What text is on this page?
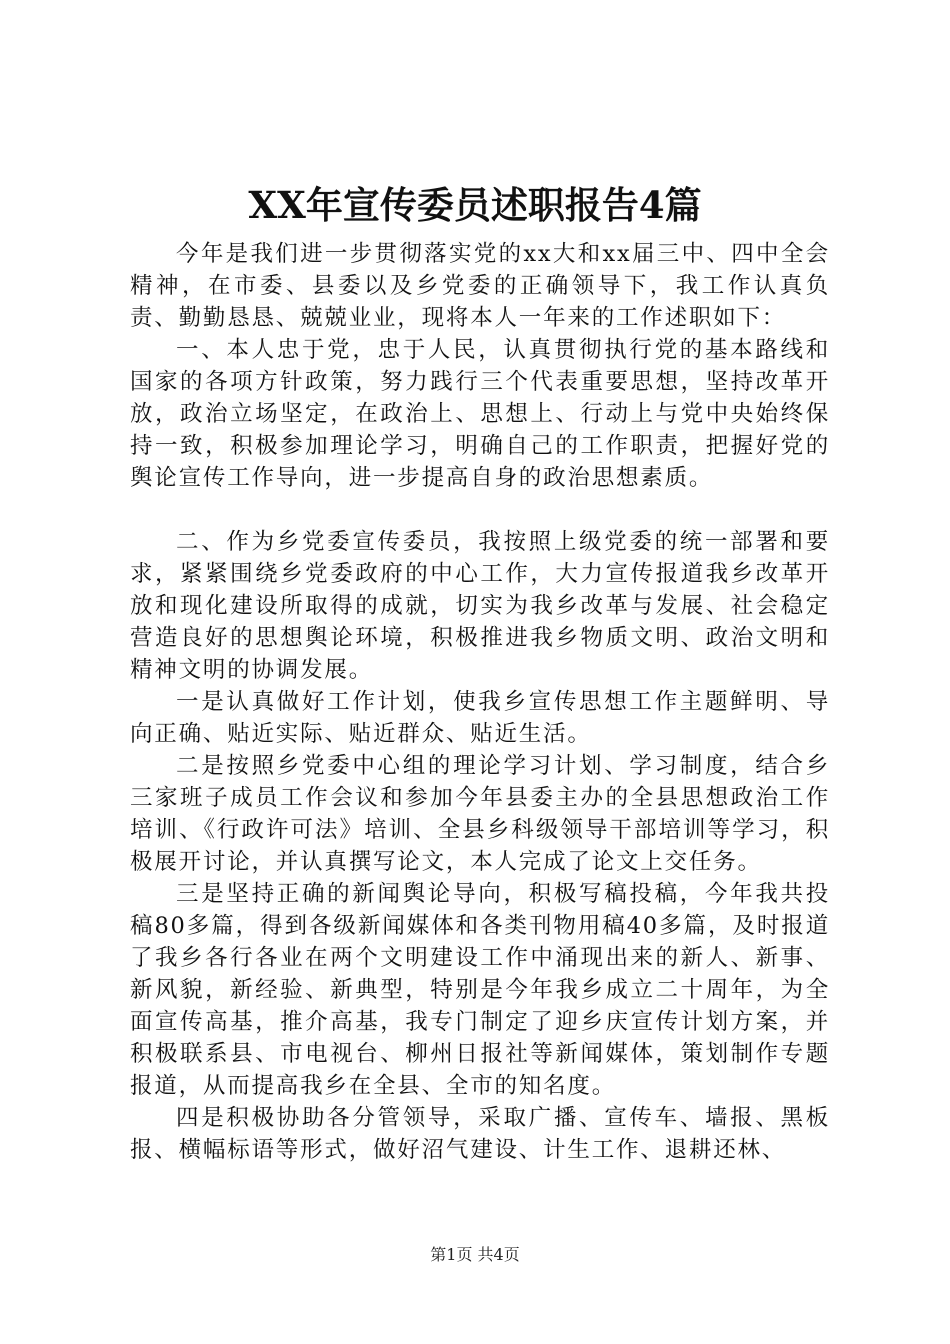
XX年宣传委员述职报告4篇

今年是我们进一步贯彻落实党的xx大和xx届三中、四中全会精神，在市委、县委以及乡党委的正确领导下，我工作认真负责、勤勤恳恳、兢兢业业，现将本人一年来的工作述职如下：

一、本人忠于党，忠于人民，认真贯彻执行党的基本路线和国家的各项方针政策，努力践行三个代表重要思想，坚持改革开放，政治立场坚定，在政治上、思想上、行动上与党中央始终保持一致，积极参加理论学习，明确自己的工作职责，把握好党的舆论宣传工作导向，进一步提高自身的政治思想素质。

二、作为乡党委宣传委员，我按照上级党委的统一部署和要求，紧紧围绕乡党委政府的中心工作，大力宣传报道我乡改革开放和现化建设所取得的成就，切实为我乡改革与发展、社会稳定营造良好的思想舆论环境，积极推进我乡物质文明、政治文明和精神文明的协调发展。

一是认真做好工作计划，使我乡宣传思想工作主题鲜明、导向正确、贴近实际、贴近群众、贴近生活。

二是按照乡党委中心组的理论学习计划、学习制度，结合乡三家班子成员工作会议和参加今年县委主办的全县思想政治工作培训、《行政许可法》培训、全县乡科级领导干部培训等学习，积极展开讨论，并认真撰写论文，本人完成了论文上交任务。

三是坚持正确的新闻舆论导向，积极写稿投稿，今年我共投稿80多篇，得到各级新闻媒体和各类刊物用稿40多篇，及时报道了我乡各行各业在两个文明建设工作中涌现出来的新人、新事、新风貌，新经验、新典型，特别是今年我乡成立二十周年，为全面宣传高基，推介高基，我专门制定了迎乡庆宣传计划方案，并积极联系县、市电视台、柳州日报社等新闻媒体，策划制作专题报道，从而提高我乡在全县、全市的知名度。

四是积极协助各分管领导，采取广播、宣传车、墙报、黑板报、横幅标语等形式，做好沼气建设、计生工作、退耕还林、

第1页 共4页
